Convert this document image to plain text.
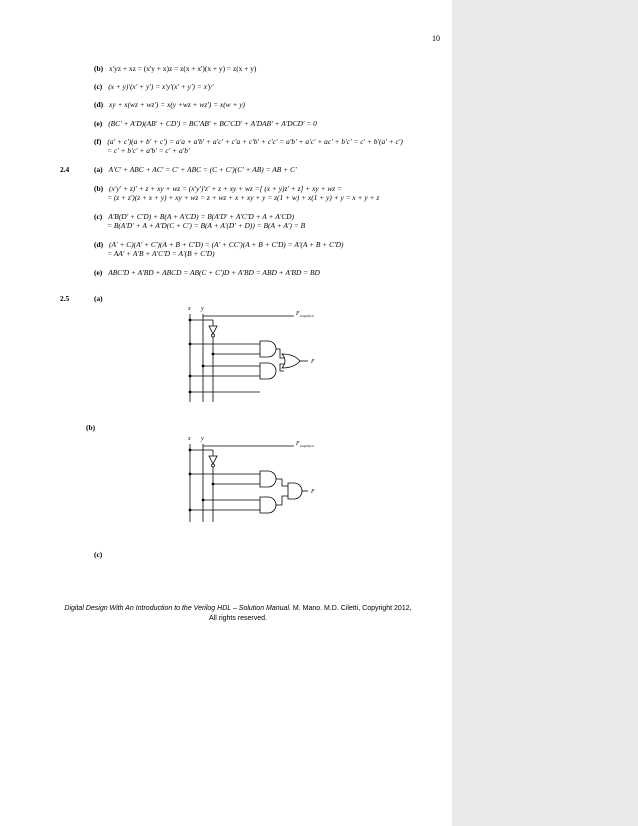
10
(b) x'yz + xz = (x'y + x)z = z(x + x')(x + y) = z(x + y)
(c) (x + y)'(x' + y') = x'y'(x' + y') = x'y'
(d) xy + x(wz + wz') = x(y +wz + wz') = x(w + y)
(e) (BC' + A'D)(AB' + CD') = BC'AB' + BC'CD' + A'DAB' + A'DCD' = 0
(f) (a' + c')(a + b' + c') = a'a + a'b' + a'c' + c'a + c'b' + c'c' = a'b' + a'c' + ac' + b'c' = c' + b'(a' + c')
= c' + b'c' + a'b' = c' + a'b'
2.4	(a) A'C' + ABC + AC' = C' + ABC = (C + C')(C' + AB) = AB + C'
(b) (x'y' + z)' + z + xy + wz = (x'y')'z' + z + xy + wz =[ (x + y)z' + z] + xy + wz =
= (z + z')(z + x + y) + xy + wz = z + wz + x + xy + y = z(1 + w) + x(1 + y) + y = x + y + z
(c) A'B(D' + C'D) + B(A + A'CD) = B(A'D' + A'C'D + A + A'CD)
= B(A'D' + A + A'D(C + C') = B(A + A'(D' + D)) = B(A + A') = B
(d) (A' + C)(A' + C')(A + B + C'D) = (A' + CC')(A + B + C'D) = A'(A + B + C'D)
= AA' + A'B + A'C'D = A'(B + C'D)
(e) ABC'D + A'BD + ABCD = AB(C + C')D + A'BD = ABD + A'BD = BD
2.5	(a)
x y
$F_{simplified}$
F
(b)
x y
$F_{simplified}$
F
(c)
Digital Design With An Introduction to the Verilog HDL – Solution Manual. M. Mano. M.D. Ciletti, Copyright 2012,
All rights reserved.
